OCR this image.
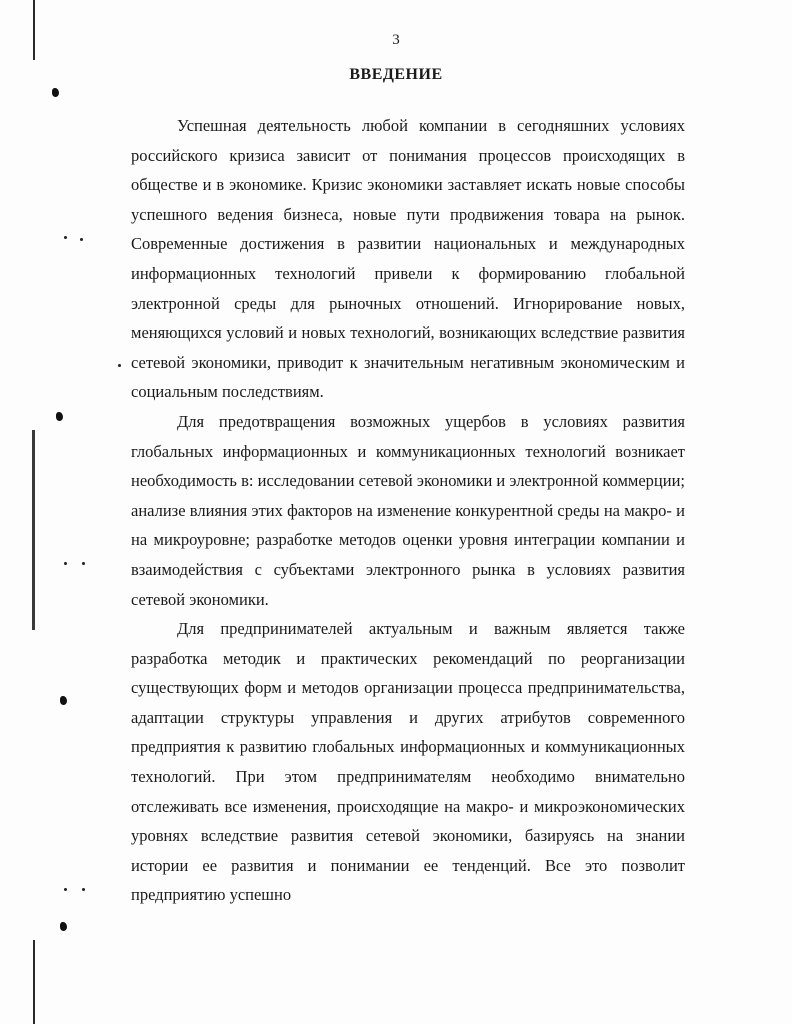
3
ВВЕДЕНИЕ

Успешная деятельность любой компании в сегодняшних условиях российского кризиса зависит от понимания процессов происходящих в обществе и в экономике. Кризис экономики заставляет искать новые способы успешного ведения бизнеса, новые пути продвижения товара на рынок. Современные достижения в развитии национальных и международных информационных технологий привели к формированию глобальной электронной среды для рыночных отношений. Игнорирование новых, меняющихся условий и новых технологий, возникающих вследствие развития сетевой экономики, приводит к значительным негативным экономическим и социальным последствиям.

Для предотвращения возможных ущербов в условиях развития глобальных информационных и коммуникационных технологий возникает необходимость в: исследовании сетевой экономики и электронной коммерции; анализе влияния этих факторов на изменение конкурентной среды на макро- и на микроуровне; разработке методов оценки уровня интеграции компании и взаимодействия с субъектами электронного рынка в условиях развития сетевой экономики.

Для предпринимателей актуальным и важным является также разработка методик и практических рекомендаций по реорганизации существующих форм и методов организации процесса предпринимательства, адаптации структуры управления и других атрибутов современного предприятия к развитию глобальных информационных и коммуникационных технологий. При этом предпринимателям необходимо внимательно отслеживать все изменения, происходящие на макро- и микроэкономических уровнях вследствие развития сетевой экономики, базируясь на знании истории ее развития и понимании ее тенденций. Все это позволит предприятию успешно
